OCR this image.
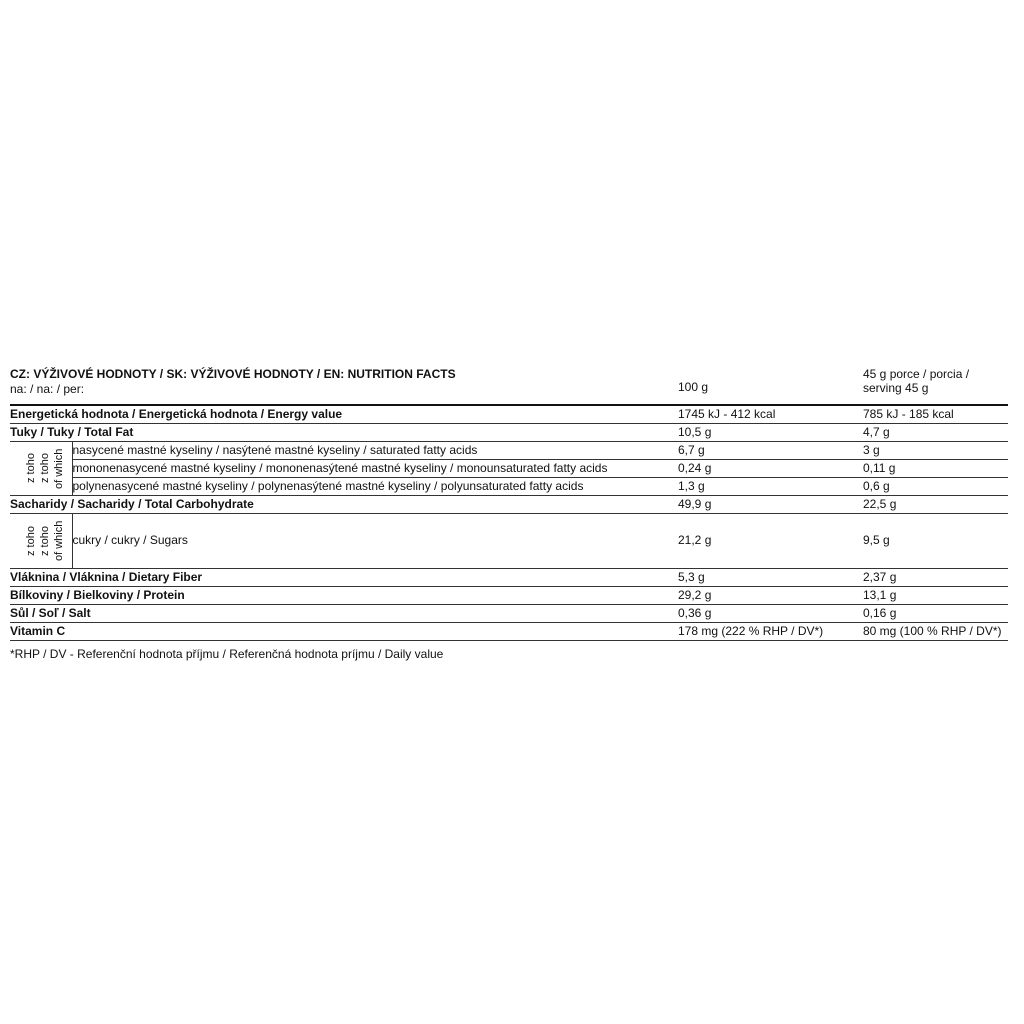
CZ: VÝŽIVOVÉ HODNOTY / SK: VÝŽIVOVÉ HODNOTY / EN: NUTRITION FACTS
na: / na: / per:	100 g	45 g porce / porcia / serving 45 g
Energetická hodnota / Energetická hodnota / Energy value	1745 kJ - 412 kcal	785 kJ - 185 kcal
Tuky / Tuky / Total Fat	10,5 g	4,7 g

z toho z toho of which	nasycené mastné kyseliny / nasýtené mastné kyseliny / saturated fatty acids	6,7 g	3 g
mononenasycené mastné kyseliny / mononenasýtené mastné kyseliny / monounsaturated fatty acids	0,24 g	0,11 g
polynenasycené mastné kyseliny / polynenasýtené mastné kyseliny / polyunsaturated fatty acids	1,3 g	0,6 g

Sacharidy / Sacharidy / Total Carbohydrate	49,9 g	22,5 g

z toho z toho of which	cukry / cukry / Sugars	21,2 g	9,5 g

Vláknina / Vláknina / Dietary Fiber	5,3 g	2,37 g
Bílkoviny / Bielkoviny / Protein	29,2 g	13,1 g
Sůl / Soľ / Salt	0,36 g	0,16 g
Vitamin C	178 mg (222 % RHP / DV*)	80 mg (100 % RHP / DV*)
*RHP / DV - Referenční hodnota příjmu / Referenčná hodnota príjmu / Daily value
